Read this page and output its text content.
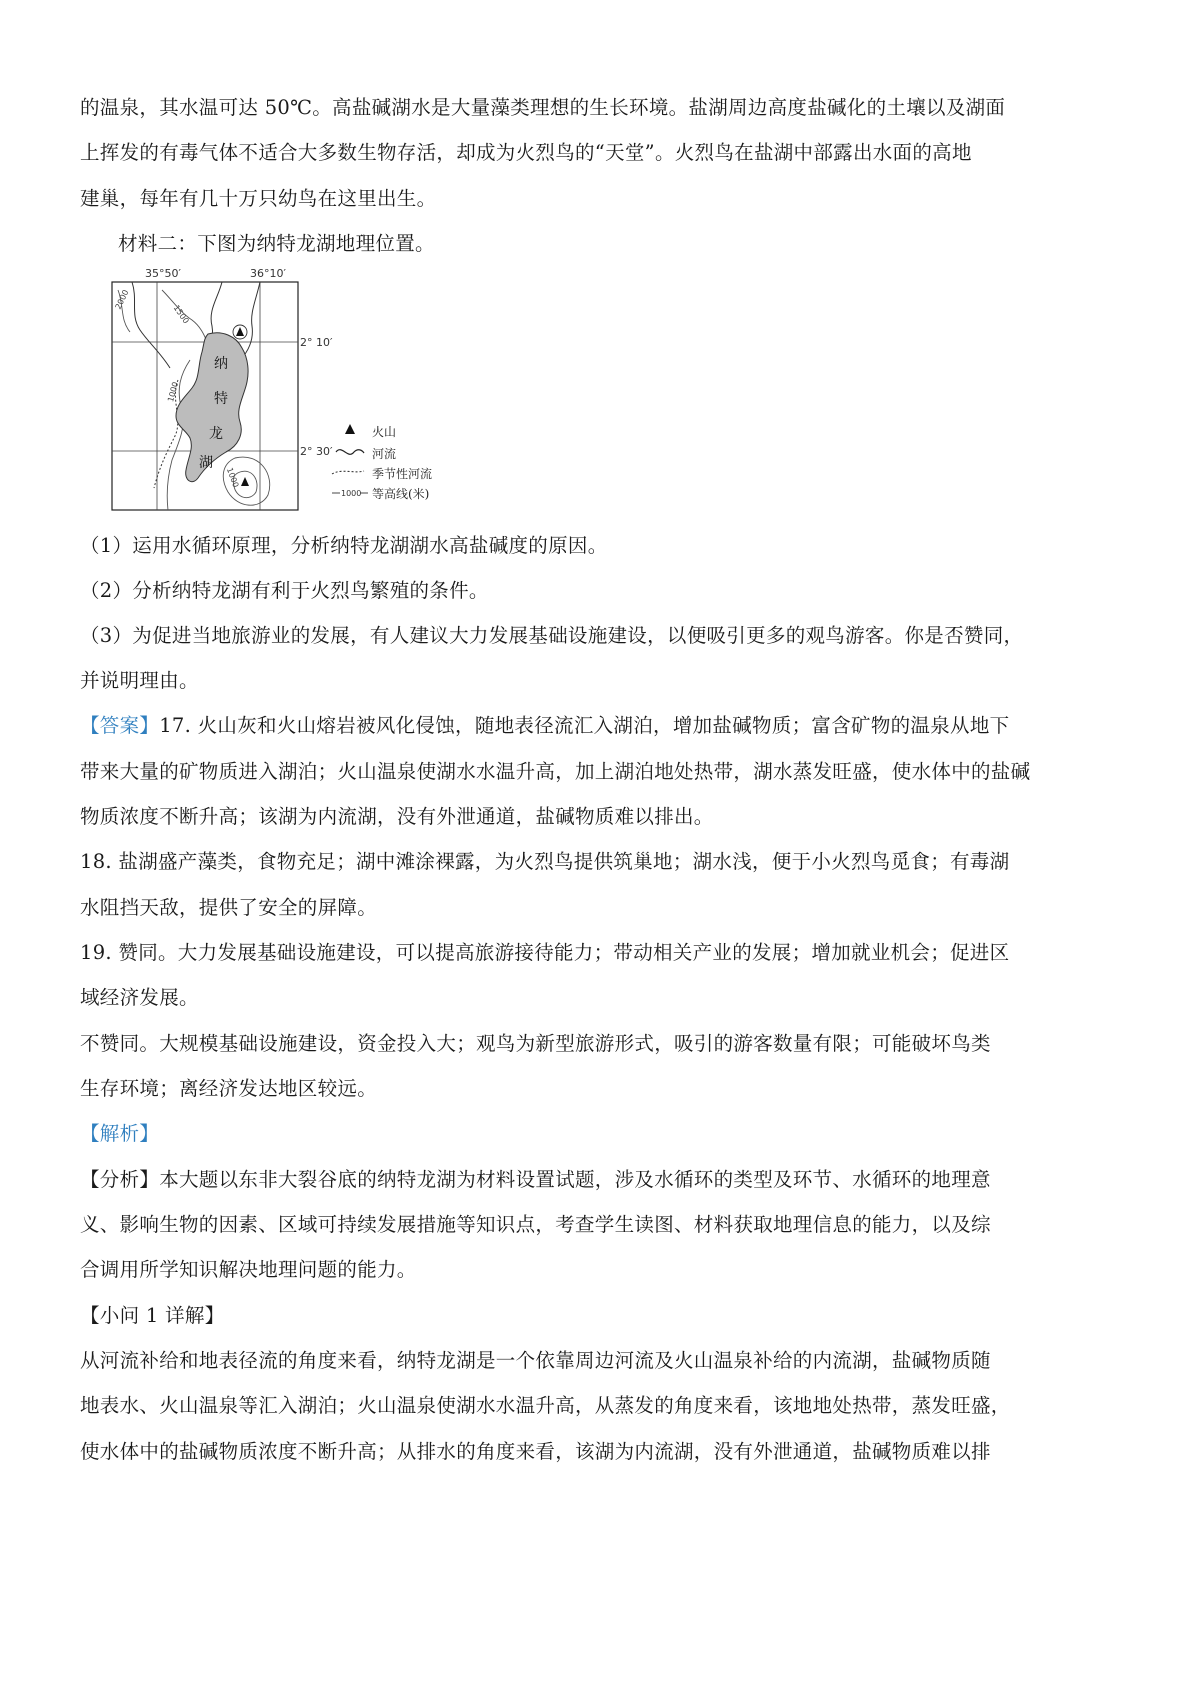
的温泉，其水温可达 50℃。高盐碱湖水是大量藻类理想的生长环境。盐湖周边高度盐碱化的土壤以及湖面
上挥发的有毒气体不适合大多数生物存活，却成为火烈鸟的“天堂”。火烈鸟在盐湖中部露出水面的高地
建巢，每年有几十万只幼鸟在这里出生。
材料二：下图为纳特龙湖地理位置。
35°50′	36°10′
2° 10′
2° 30′
2000
1500
1000
1000
纳
特
龙
湖
火山
河流
季节性河流
1000 等高线(米)
（1）运用水循环原理，分析纳特龙湖湖水高盐碱度的原因。
（2）分析纳特龙湖有利于火烈鸟繁殖的条件。
（3）为促进当地旅游业的发展，有人建议大力发展基础设施建设，以便吸引更多的观鸟游客。你是否赞同，
并说明理由。
【答案】17. 火山灰和火山熔岩被风化侵蚀，随地表径流汇入湖泊，增加盐碱物质；富含矿物的温泉从地下
带来大量的矿物质进入湖泊；火山温泉使湖水水温升高，加上湖泊地处热带，湖水蒸发旺盛，使水体中的盐碱
物质浓度不断升高；该湖为内流湖，没有外泄通道，盐碱物质难以排出。
18. 盐湖盛产藻类，食物充足；湖中滩涂裸露，为火烈鸟提供筑巢地；湖水浅，便于小火烈鸟觅食；有毒湖
水阻挡天敌，提供了安全的屏障。
19. 赞同。大力发展基础设施建设，可以提高旅游接待能力；带动相关产业的发展；增加就业机会；促进区
域经济发展。
不赞同。大规模基础设施建设，资金投入大；观鸟为新型旅游形式，吸引的游客数量有限；可能破坏鸟类
生存环境；离经济发达地区较远。
【解析】
【分析】本大题以东非大裂谷底的纳特龙湖为材料设置试题，涉及水循环的类型及环节、水循环的地理意
义、影响生物的因素、区域可持续发展措施等知识点，考查学生读图、材料获取地理信息的能力，以及综
合调用所学知识解决地理问题的能力。
【小问 1 详解】
从河流补给和地表径流的角度来看，纳特龙湖是一个依靠周边河流及火山温泉补给的内流湖，盐碱物质随
地表水、火山温泉等汇入湖泊；火山温泉使湖水水温升高，从蒸发的角度来看，该地地处热带，蒸发旺盛，
使水体中的盐碱物质浓度不断升高；从排水的角度来看，该湖为内流湖，没有外泄通道，盐碱物质难以排
